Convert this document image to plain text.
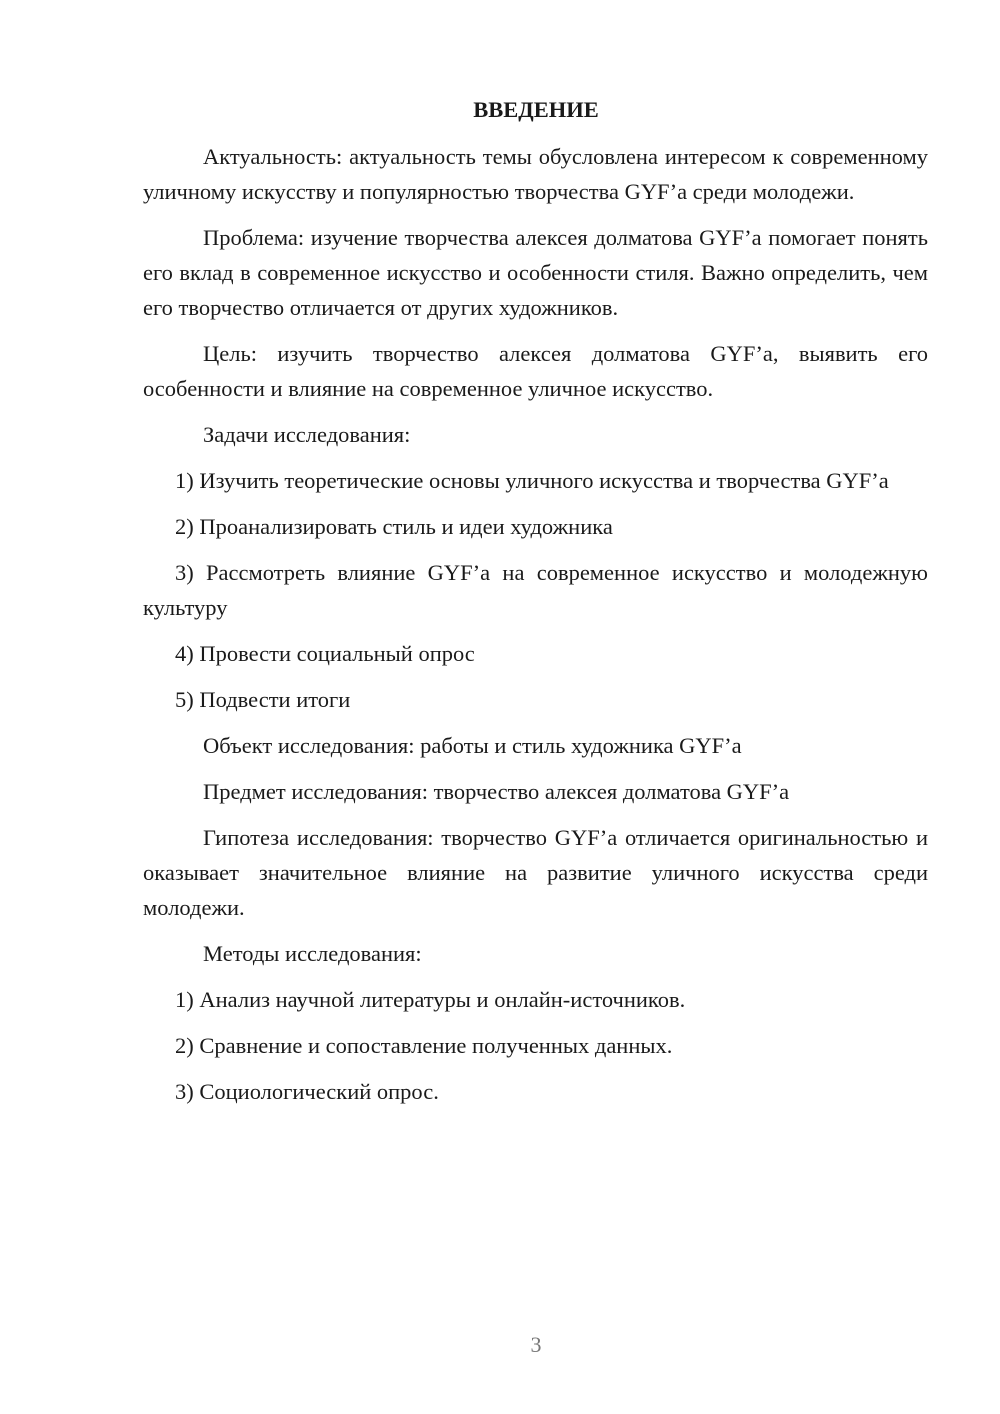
ВВЕДЕНИЕ

Актуальность: актуальность темы обусловлена интересом к современному уличному искусству и популярностью творчества GYF’а среди молодежи.

Проблема: изучение творчества алексея долматова GYF’а помогает понять его вклад в современное искусство и особенности стиля. Важно определить, чем его творчество отличается от других художников.

Цель: изучить творчество алексея долматова GYF’а, выявить его особенности и влияние на современное уличное искусство.

Задачи исследования:

1) Изучить теоретические основы уличного искусства и творчества GYF’а

2) Проанализировать стиль и идеи художника

3) Рассмотреть влияние GYF’а на современное искусство и молодежную культуру

4) Провести социальный опрос

5) Подвести итоги

Объект исследования: работы и стиль художника GYF’а

Предмет исследования: творчество алексея долматова GYF’а

Гипотеза исследования: творчество GYF’а отличается оригинальностью и оказывает значительное влияние на развитие уличного искусства среди молодежи.

Методы исследования:

1) Анализ научной литературы и онлайн-источников.

2) Сравнение и сопоставление полученных данных.

3) Социологический опрос.

3
